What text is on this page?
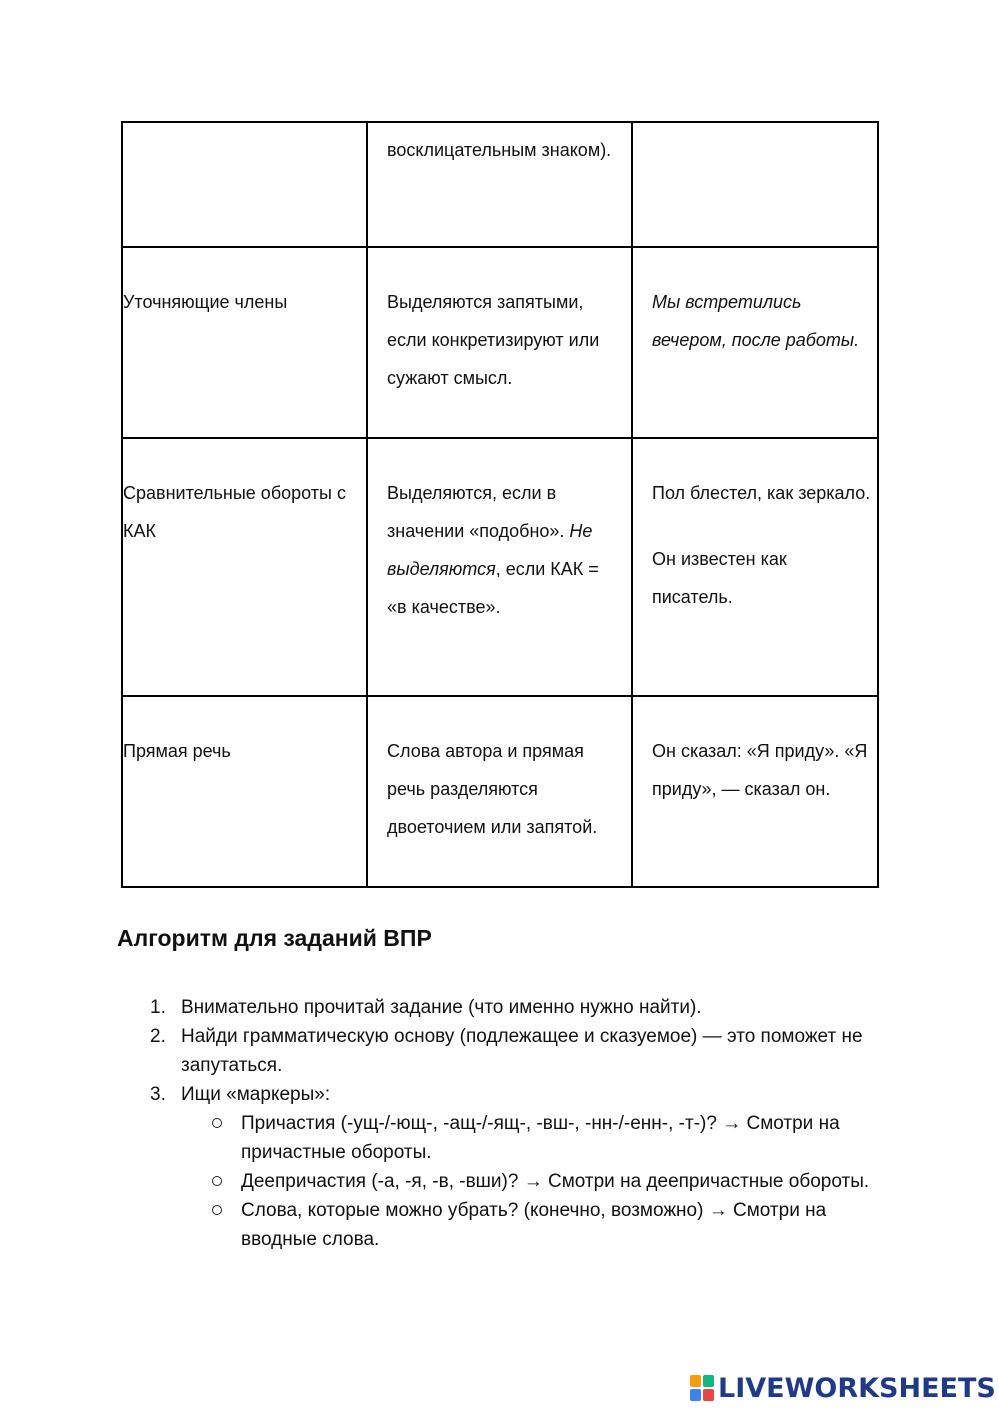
	восклицательным знаком).	
Уточняющие члены	Выделяются запятыми, если конкретизируют или сужают смысл.	Мы встретились вечером, после работы.

Сравнительные обороты с КАК	Выделяются, если в значении «подобно». Не выделяются, если КАК = «в качестве».	Пол блестел, как зеркало.
Он известен как писатель.

Прямая речь	Слова автора и прямая речь разделяются двоеточием или запятой.	Он сказал: «Я приду». «Я приду», — сказал он.
Алгоритм для заданий ВПР
1. Внимательно прочитай задание (что именно нужно найти).
2. Найди грамматическую основу (подлежащее и сказуемое) — это поможет не запутаться.
3. Ищи «маркеры»:
Причастия (-ущ-/-ющ-, -ащ-/-ящ-, -вш-, -нн-/-енн-, -т-)? → Смотри на причастные обороты.
Деепричастия (-а, -я, -в, -вши)? → Смотри на деепричастные обороты.
Слова, которые можно убрать? (конечно, возможно) → Смотри на вводные слова.
LIVEWORKSHEETS
